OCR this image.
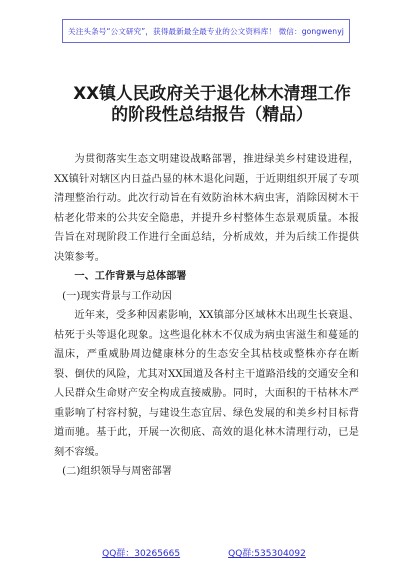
关注头条号“公文研究”，获得最新最全最专业的公文资料库！ 微信：gongwenyj
XX镇人民政府关于退化林木清理工作
的阶段性总结报告（精品）

为贯彻落实生态文明建设战略部署，推进绿美乡村建设进程，XX镇针对辖区内日益凸显的林木退化问题，于近期组织开展了专项清理整治行动。此次行动旨在有效防治林木病虫害，消除因树木干枯老化带来的公共安全隐患，并提升乡村整体生态景观质量。本报告旨在对现阶段工作进行全面总结，分析成效，并为后续工作提供决策参考。

一、工作背景与总体部署

(一)现实背景与工作动因

近年来，受多种因素影响，XX镇部分区域林木出现生长衰退、枯死于头等退化现象。这些退化林木不仅成为病虫害滋生和蔓延的温床，严重威胁周边健康林分的生态安全其枯枝或整株亦存在断裂、倒伏的风险，尤其对XX国道及各村主干道路沿线的交通安全和人民群众生命财产安全构成直接威胁。同时，大面积的干枯林木严重影响了村容村貌，与建设生态宜居、绿色发展的和美乡村目标背道而驰。基于此，开展一次彻底、高效的退化林木清理行动，已是刻不容缓。

(二)组织领导与周密部署

QQ群：30265665	QQ群:535304092
